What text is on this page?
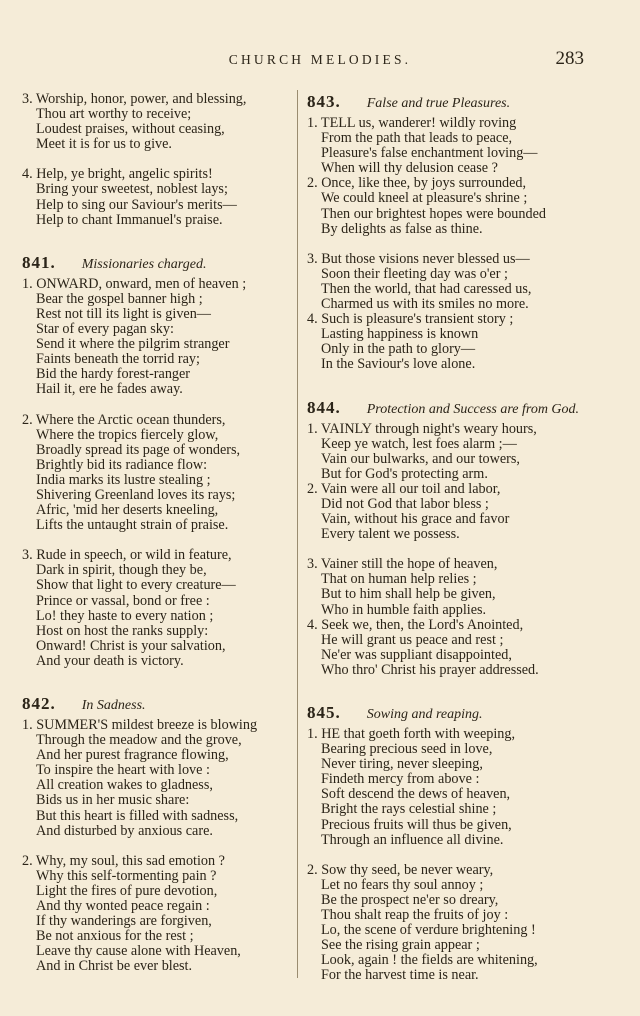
CHURCH MELODIES.	283
3. Worship, honor, power, and blessing,
Thou art worthy to receive;
Loudest praises, without ceasing,
Meet it is for us to give.
4. Help, ye bright, angelic spirits!
Bring your sweetest, noblest lays;
Help to sing our Saviour's merits—
Help to chant Immanuel's praise.
841. Missionaries charged.
1. ONWARD, onward, men of heaven ;
Bear the gospel banner high ;
Rest not till its light is given—
Star of every pagan sky:
Send it where the pilgrim stranger
Faints beneath the torrid ray;
Bid the hardy forest-ranger
Hail it, ere he fades away.
2. Where the Arctic ocean thunders,
Where the tropics fiercely glow,
Broadly spread its page of wonders,
Brightly bid its radiance flow:
India marks its lustre stealing ;
Shivering Greenland loves its rays;
Afric, 'mid her deserts kneeling,
Lifts the untaught strain of praise.
3. Rude in speech, or wild in feature,
Dark in spirit, though they be,
Show that light to every creature—
Prince or vassal, bond or free :
Lo! they haste to every nation ;
Host on host the ranks supply:
Onward! Christ is your salvation,
And your death is victory.
842. In Sadness.
1. SUMMER'S mildest breeze is blowing
Through the meadow and the grove,
And her purest fragrance flowing,
To inspire the heart with love :
All creation wakes to gladness,
Bids us in her music share:
But this heart is filled with sadness,
And disturbed by anxious care.
2. Why, my soul, this sad emotion ?
Why this self-tormenting pain ?
Light the fires of pure devotion,
And thy wonted peace regain :
If thy wanderings are forgiven,
Be not anxious for the rest ;
Leave thy cause alone with Heaven,
And in Christ be ever blest.
843. False and true Pleasures.
1. TELL us, wanderer! wildly roving
From the path that leads to peace,
Pleasure's false enchantment loving—
When will thy delusion cease ?
2. Once, like thee, by joys surrounded,
We could kneel at pleasure's shrine ;
Then our brightest hopes were bounded
By delights as false as thine.
3. But those visions never blessed us—
Soon their fleeting day was o'er ;
Then the world, that had caressed us,
Charmed us with its smiles no more.
4. Such is pleasure's transient story ;
Lasting happiness is known
Only in the path to glory—
In the Saviour's love alone.
844. Protection and Success are from God.
1. VAINLY through night's weary hours,
Keep ye watch, lest foes alarm ;—
Vain our bulwarks, and our towers,
But for God's protecting arm.
2. Vain were all our toil and labor,
Did not God that labor bless ;
Vain, without his grace and favor
Every talent we possess.
3. Vainer still the hope of heaven,
That on human help relies ;
But to him shall help be given,
Who in humble faith applies.
4. Seek we, then, the Lord's Anointed,
He will grant us peace and rest ;
Ne'er was suppliant disappointed,
Who thro' Christ his prayer addressed.
845. Sowing and reaping.
1. HE that goeth forth with weeping,
Bearing precious seed in love,
Never tiring, never sleeping,
Findeth mercy from above :
Soft descend the dews of heaven,
Bright the rays celestial shine ;
Precious fruits will thus be given,
Through an influence all divine.
2. Sow thy seed, be never weary,
Let no fears thy soul annoy ;
Be the prospect ne'er so dreary,
Thou shalt reap the fruits of joy :
Lo, the scene of verdure brightening !
See the rising grain appear ;
Look, again ! the fields are whitening,
For the harvest time is near.
